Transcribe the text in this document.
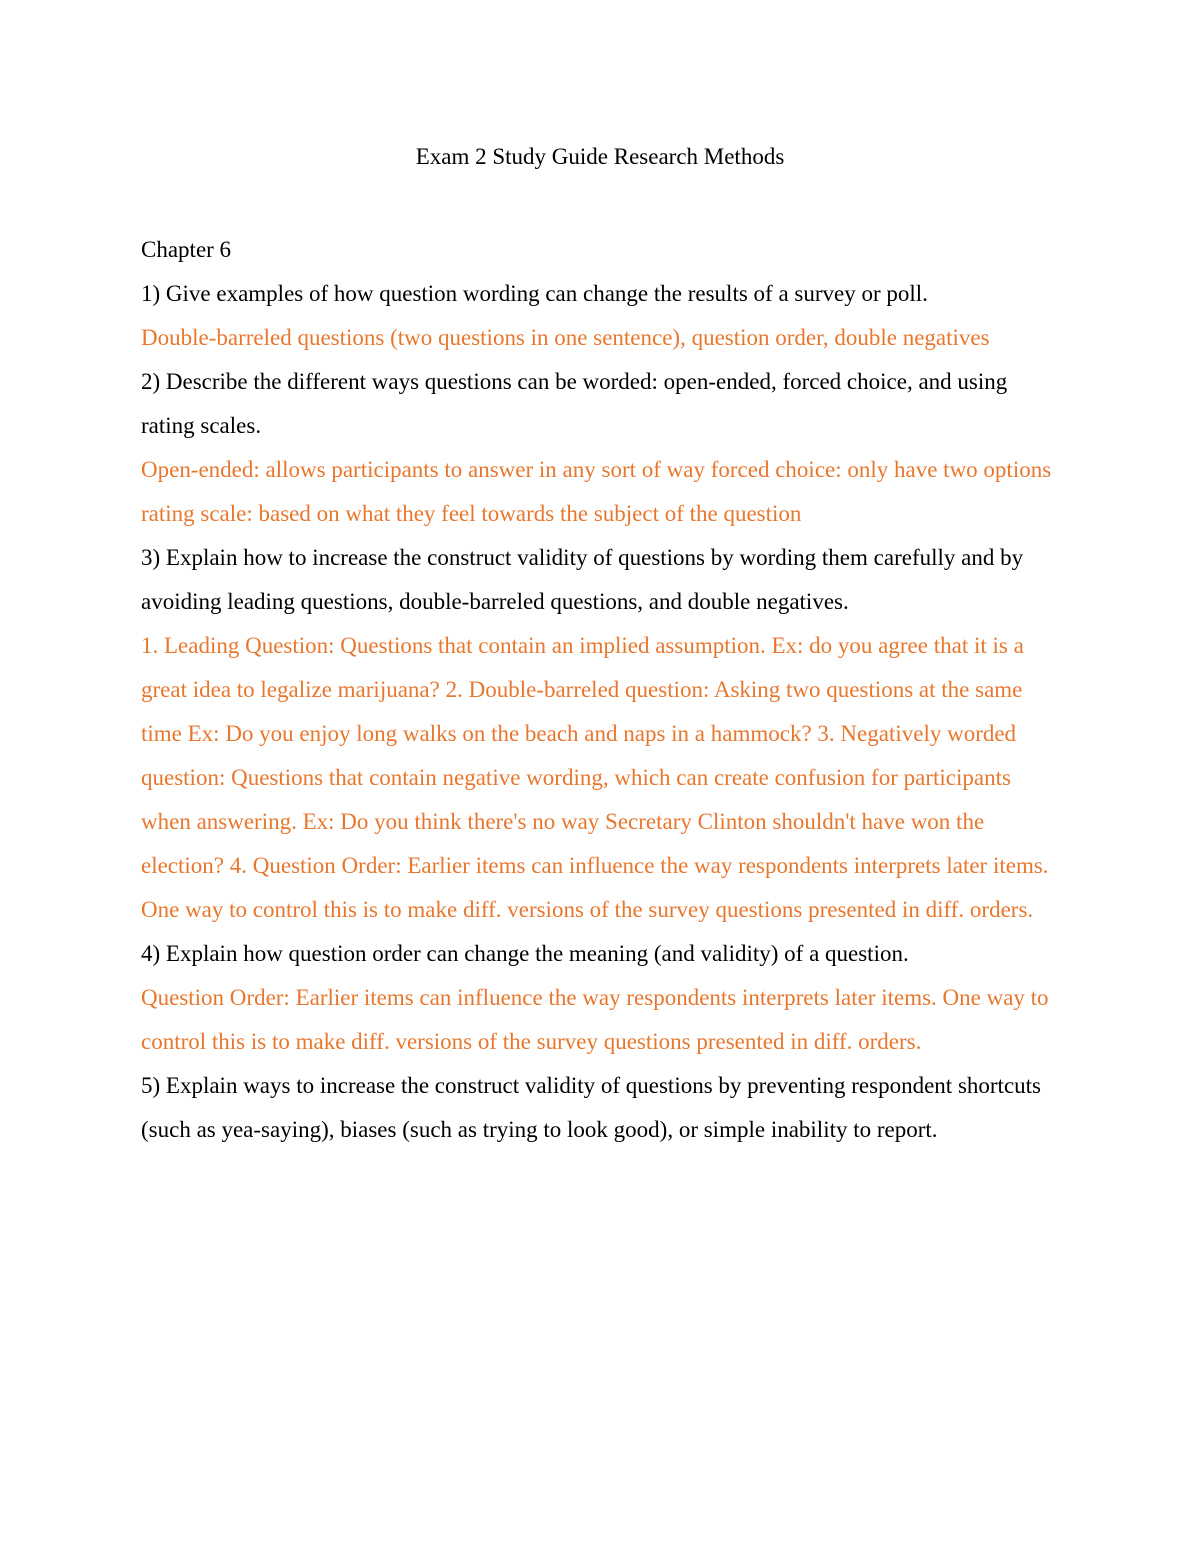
Exam 2 Study Guide Research Methods

Chapter 6

1) Give examples of how question wording can change the results of a survey or poll.

Double-barreled questions (two questions in one sentence), question order, double negatives

2) Describe the different ways questions can be worded: open-ended, forced choice, and using rating scales.

Open-ended: allows participants to answer in any sort of way forced choice: only have two options rating scale: based on what they feel towards the subject of the question

3) Explain how to increase the construct validity of questions by wording them carefully and by avoiding leading questions, double-barreled questions, and double negatives.

1. Leading Question: Questions that contain an implied assumption. Ex: do you agree that it is a great idea to legalize marijuana? 2. Double-barreled question: Asking two questions at the same time Ex: Do you enjoy long walks on the beach and naps in a hammock? 3. Negatively worded question: Questions that contain negative wording, which can create confusion for participants when answering. Ex: Do you think there's no way Secretary Clinton shouldn't have won the election? 4. Question Order: Earlier items can influence the way respondents interprets later items. One way to control this is to make diff. versions of the survey questions presented in diff. orders.

4) Explain how question order can change the meaning (and validity) of a question.

Question Order: Earlier items can influence the way respondents interprets later items. One way to control this is to make diff. versions of the survey questions presented in diff. orders.

5) Explain ways to increase the construct validity of questions by preventing respondent shortcuts (such as yea-saying), biases (such as trying to look good), or simple inability to report.
